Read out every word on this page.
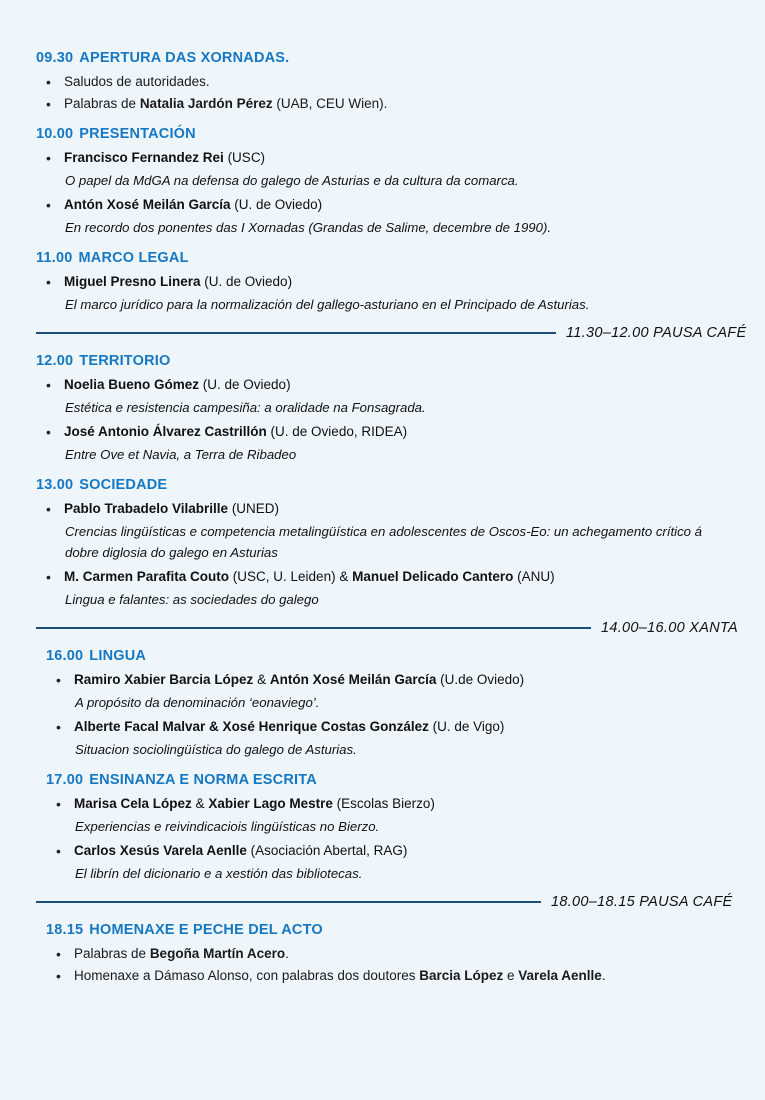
09.30 APERTURA DAS XORNADAS.
• Saludos de autoridades.
• Palabras de Natalia Jardón Pérez (UAB, CEU Wien).
10.00 PRESENTACIÓN
• Francisco Fernandez Rei (USC)
O papel da MdGA na defensa do galego de Asturias e da cultura da comarca.
• Antón Xosé Meilán García (U. de Oviedo)
En recordo dos ponentes das I Xornadas (Grandas de Salime, decembre de 1990).
11.00 MARCO LEGAL
• Miguel Presno Linera (U. de Oviedo)
El marco jurídico para la normalización del gallego-asturiano en el Principado de Asturias.
11.30–12.00 PAUSA CAFÉ
12.00 TERRITORIO
• Noelia Bueno Gómez (U. de Oviedo)
Estética e resistencia campesiña: a oralidade na Fonsagrada.
• José Antonio Álvarez Castrillón (U. de Oviedo, RIDEA)
Entre Ove et Navia, a Terra de Ribadeo
13.00 SOCIEDADE
• Pablo Trabadelo Vilabrille (UNED)
Crencias lingüísticas e competencia metalingüística en adolescentes de Oscos-Eo: un achegamento crítico á dobre diglosia do galego en Asturias
• M. Carmen Parafita Couto (USC, U. Leiden) & Manuel Delicado Cantero (ANU)
Lingua e falantes: as sociedades do galego
14.00–16.00 XANTA
16.00 LINGUA
• Ramiro Xabier Barcia López & Antón Xosé Meilán García (U.de Oviedo)
A propósito da denominación ‘eonaviego’.
• Alberte Facal Malvar & Xosé Henrique Costas González (U. de Vigo)
Situacion sociolingüística do galego de Asturias.
17.00 ENSINANZA E NORMA ESCRITA
• Marisa Cela López & Xabier Lago Mestre (Escolas Bierzo)
Experiencias e reivindicaciois lingüísticas no Bierzo.
• Carlos Xesús Varela Aenlle (Asociación Abertal, RAG)
El librín del dicionario e a xestión das bibliotecas.
18.00–18.15 PAUSA CAFÉ
18.15 HOMENAXE E PECHE DEL ACTO
• Palabras de Begoña Martín Acero.
• Homenaxe a Dámaso Alonso, con palabras dos doutores Barcia López e Varela Aenlle.
